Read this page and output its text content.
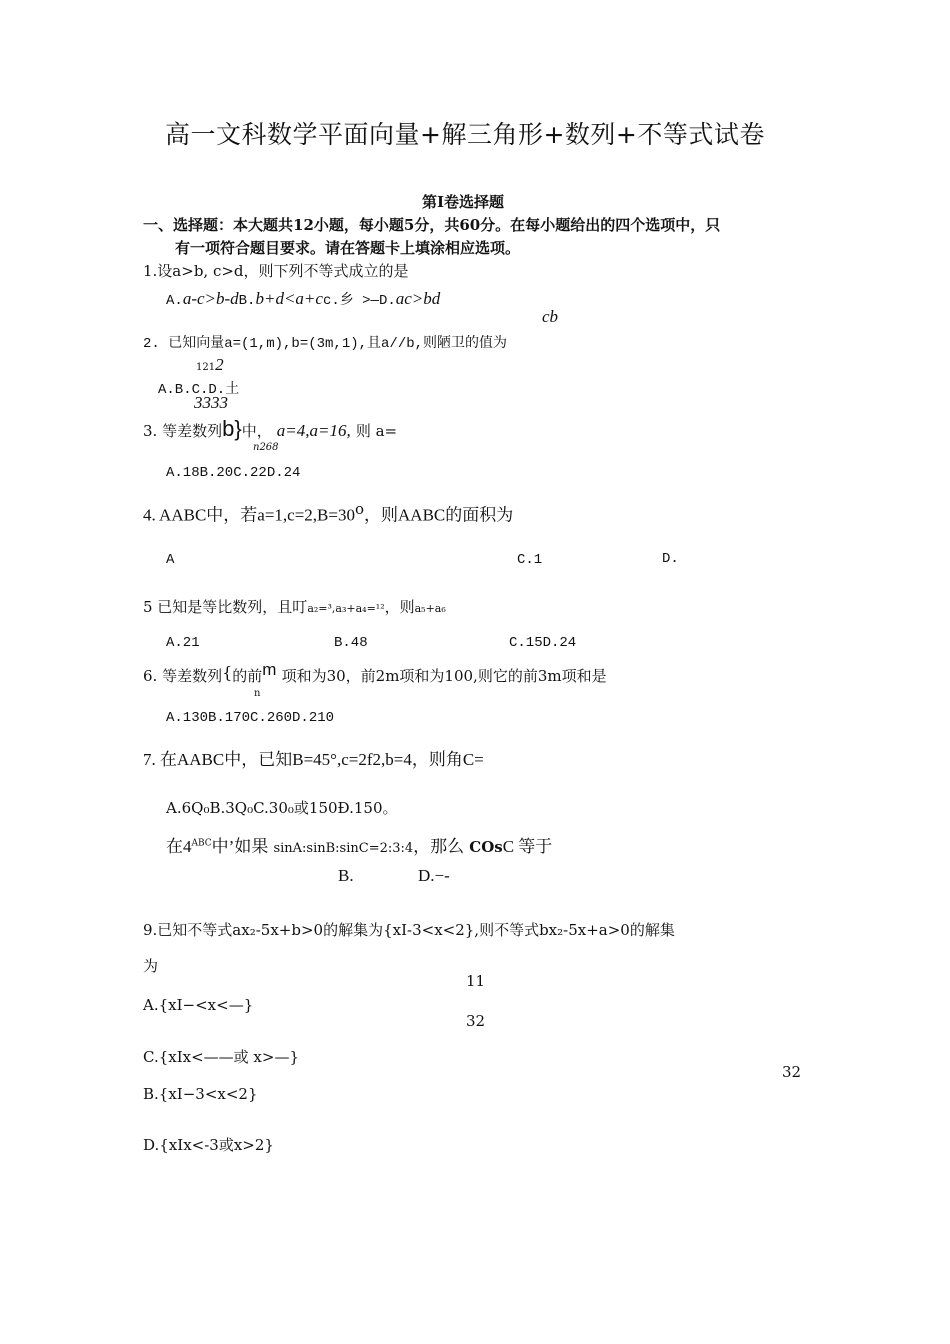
高一文科数学平面向量+解三角形+数列+不等式试卷
第Ⅰ卷选择题
一、选择题：本大题共12小题，每小题5分，共60分。在每小题给出的四个选项中，只
有一项符合题目要求。请在答题卡上填涂相应选项。
1.设a>b, c>d，则下列不等式成立的是
A.a-c>b-dB.b+d<a+cc.乡 >—D.ac>bd
cb
2. 已知向量a=(1,m),b=(3m,1),且a//b,则陋卫的值为
1212
A.B.C.D.土
3333
3. 等差数列b}中， a=4,a=16, 则 a=
n268
A.18B.20C.22D.24
4. AABC中，若$a=1,c=2,B=30^o$，则AABC的面积为
A	C.1	D.
5 已知是等比数列，且叮a₂=³,a₃+a₄=¹²，则a₅+a₆
A.21	B.48	C.15D.24
6. 等差数列{的前m 项和为30，前2m项和为100,则它的前3m项和是
n
A.130B.170C.260D.210
7. 在AABC中，已知B=45°,c=2f2,b=4，则角C=
A.6Q₀B.3Q₀C.30₀或150Ð.150。
在$4^{ABC}$中’如果 sinA:sinB:sinC=2:3:4，那么 COsC 等于
B.	D.−-
9.已知不等式ax₂-5x+b>0的解集为{xI-3<x<2},则不等式bx₂-5x+a>0的解集
为
11
A.{xI−<x<—}
32
C.{xIx<——或 x>—}
32
B.{xI−3<x<2}
D.{xIx<-3或x>2}
